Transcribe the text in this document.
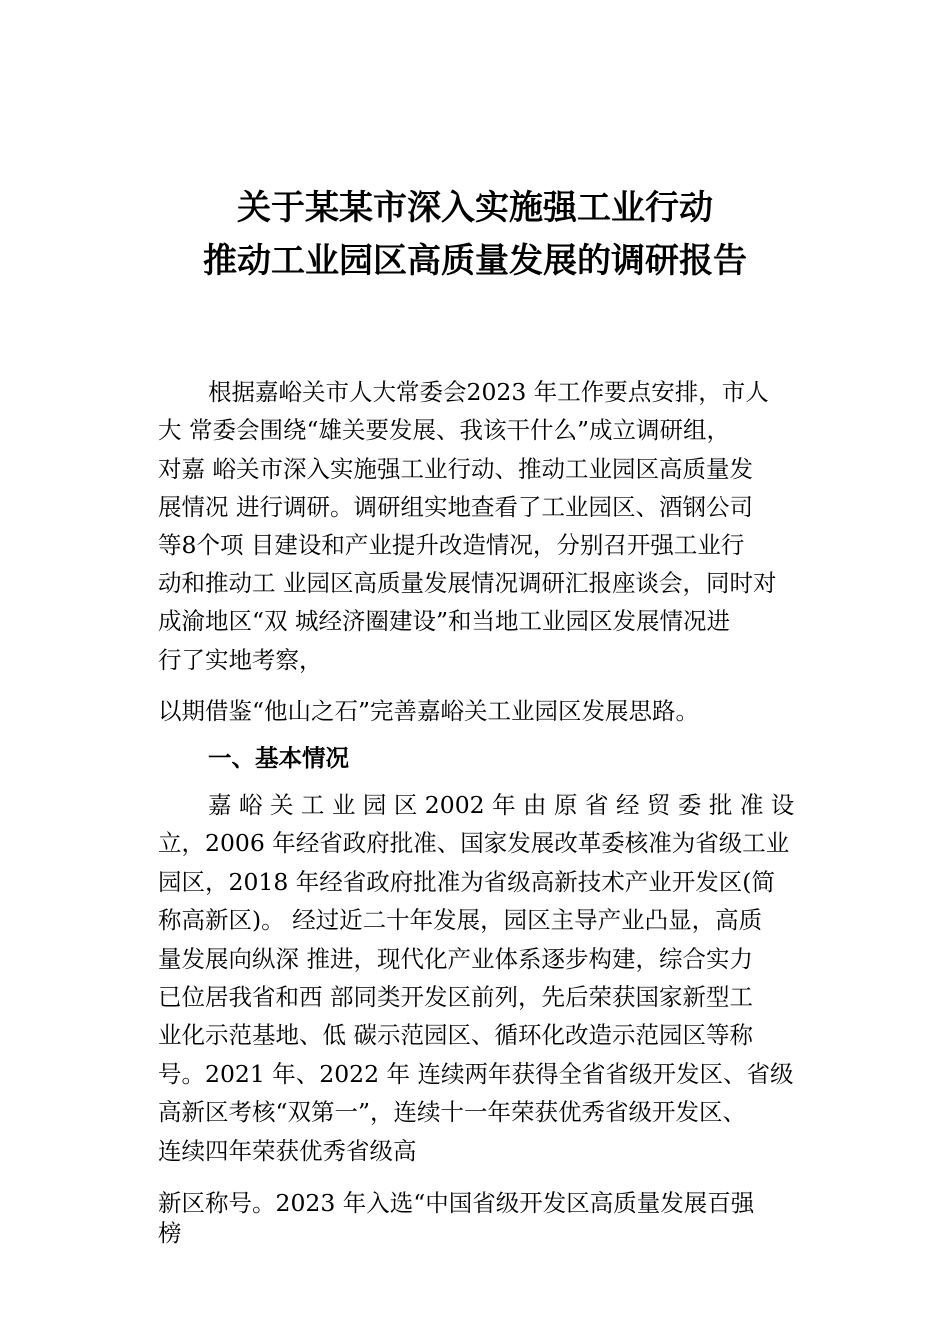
关于某某市深入实施强工业行动
推动工业园区高质量发展的调研报告
根据嘉峪关市人大常委会2023 年工作要点安排，市人
大 常委会围绕“雄关要发展、我该干什么”成立调研组，
对嘉 峪关市深入实施强工业行动、推动工业园区高质量发
展情况 进行调研。调研组实地查看了工业园区、酒钢公司
等8个项 目建设和产业提升改造情况，分别召开强工业行
动和推动工 业园区高质量发展情况调研汇报座谈会，同时对
成渝地区“双 城经济圈建设”和当地工业园区发展情况进
行了实地考察，
以期借鉴“他山之石”完善嘉峪关工业园区发展思路。
一、基本情况
嘉 峪 关 工 业 园 区 2002 年 由 原 省 经 贸 委 批 准 设
立，2006 年经省政府批准、国家发展改革委核准为省级工业
园区，2018 年经省政府批准为省级高新技术产业开发区(简
称高新区)。 经过近二十年发展，园区主导产业凸显，高质
量发展向纵深 推进，现代化产业体系逐步构建，综合实力
已位居我省和西 部同类开发区前列，先后荣获国家新型工
业化示范基地、低 碳示范园区、循环化改造示范园区等称
号。2021 年、2022 年 连续两年获得全省省级开发区、省级
高新区考核“双第一”，连续十一年荣获优秀省级开发区、
连续四年荣获优秀省级高
新区称号。2023 年入选“中国省级开发区高质量发展百强
榜
